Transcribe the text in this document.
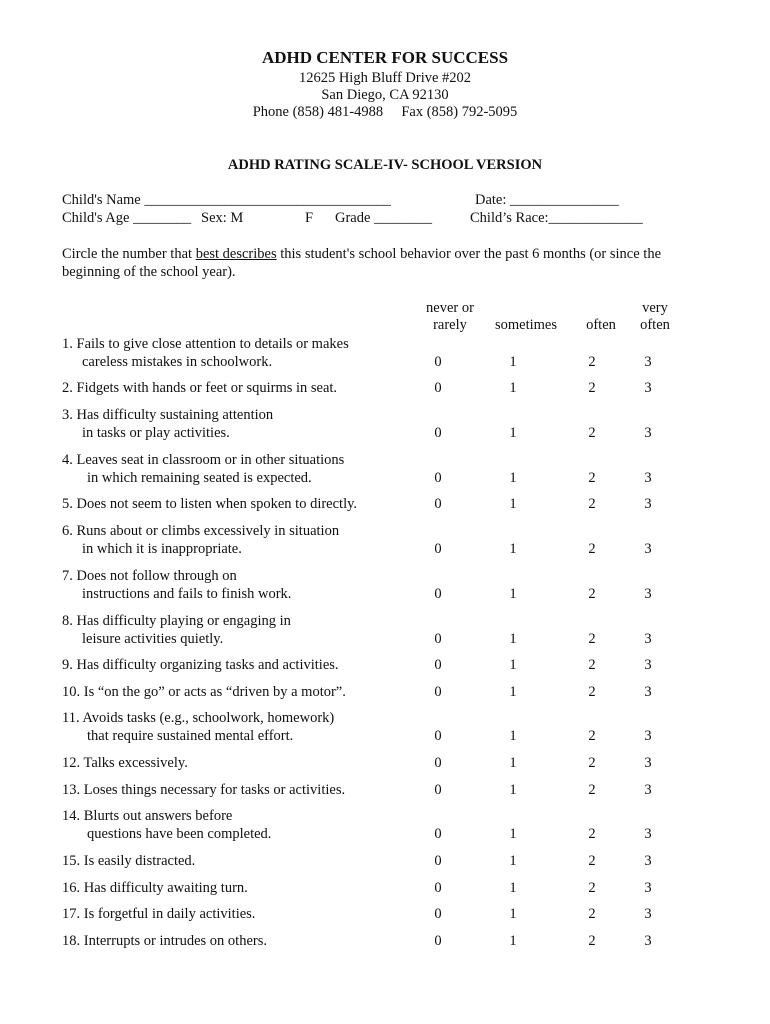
ADHD CENTER FOR SUCCESS
12625 High Bluff Drive #202
San Diego, CA 92130
Phone (858) 481-4988 Fax (858) 792-5095
ADHD RATING SCALE-IV- SCHOOL VERSION
Child's Name __________________________________	Date: _______________
Child's Age ________ Sex: M	F Grade ________	Child’s Race:_____________
Circle the number that best describes this student's school behavior over the past 6 months (or since the
beginning of the school year).
never or
rarely	sometimes	often
very
often
1. Fails to give close attention to details or makes
careless mistakes in schoolwork.	0	1	2	3
2. Fidgets with hands or feet or squirms in seat.	0	1	2	3
3. Has difficulty sustaining attention
in tasks or play activities.	0	1	2	3
4. Leaves seat in classroom or in other situations
in which remaining seated is expected.	0	1	2	3
5. Does not seem to listen when spoken to directly.	0	1	2	3
6. Runs about or climbs excessively in situation
in which it is inappropriate.	0	1	2	3
7. Does not follow through on
instructions and fails to finish work.	0	1	2	3
8. Has difficulty playing or engaging in
leisure activities quietly.	0	1	2	3
9. Has difficulty organizing tasks and activities.	0	1	2	3
10. Is “on the go” or acts as “driven by a motor”.	0	1	2	3
11. Avoids tasks (e.g., schoolwork, homework)
that require sustained mental effort.	0	1	2	3
12. Talks excessively.	0	1	2	3
13. Loses things necessary for tasks or activities.	0	1	2	3
14. Blurts out answers before
questions have been completed.	0	1	2	3
15. Is easily distracted.	0	1	2	3
16. Has difficulty awaiting turn.	0	1	2	3
17. Is forgetful in daily activities.	0	1	2	3
18. Interrupts or intrudes on others.	0	1	2	3
